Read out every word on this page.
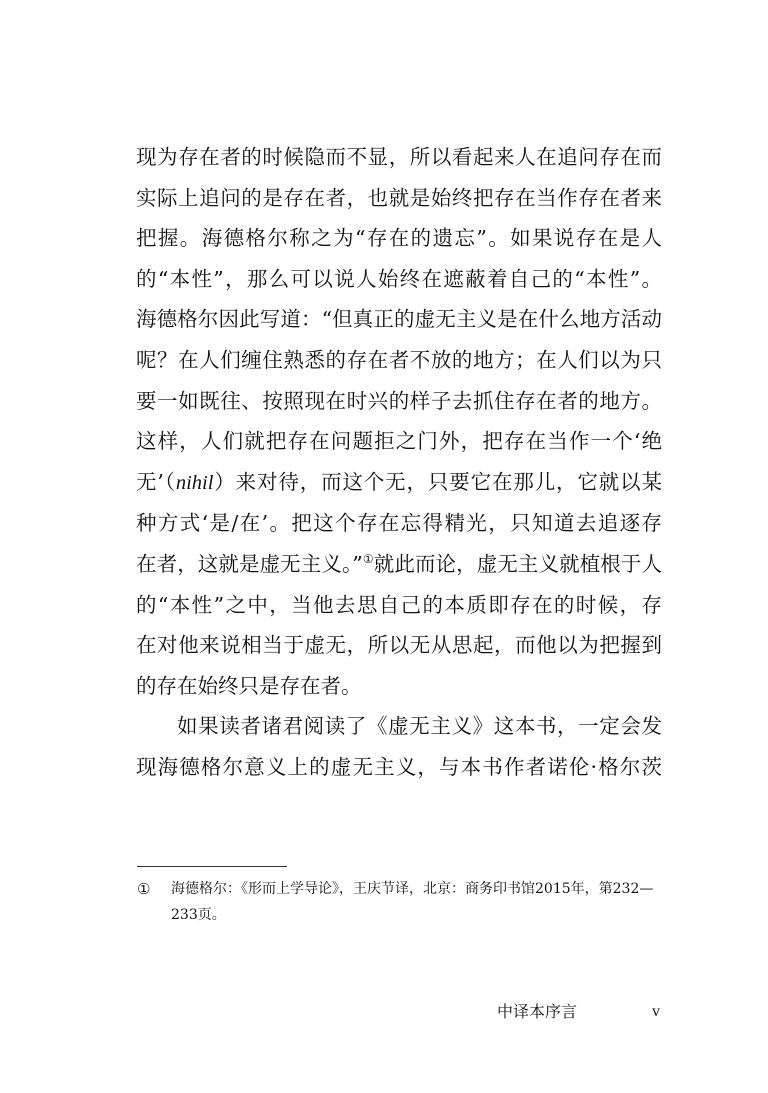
现为存在者的时候隐而不显，所以看起来人在追问存在而
实际上追问的是存在者，也就是始终把存在当作存在者来
把握。海德格尔称之为“存在的遗忘”。如果说存在是人
的“本性”，那么可以说人始终在遮蔽着自己的“本性”。
海德格尔因此写道：“但真正的虚无主义是在什么地方活动
呢？在人们缠住熟悉的存在者不放的地方；在人们以为只
要一如既往、按照现在时兴的样子去抓住存在者的地方。
这样，人们就把存在问题拒之门外，把存在当作一个‘绝
无’（nihil）来对待，而这个无，只要它在那儿，它就以某
种方式‘是/在’。把这个存在忘得精光，只知道去追逐存
在者，这就是虚无主义。”①就此而论，虚无主义就植根于人
的“本性”之中，当他去思自己的本质即存在的时候，存
在对他来说相当于虚无，所以无从思起，而他以为把握到
的存在始终只是存在者。

如果读者诸君阅读了《虚无主义》这本书，一定会发
现海德格尔意义上的虚无主义，与本书作者诺伦·格尔茨

① 海德格尔：《形而上学导论》，王庆节译，北京：商务印书馆2015年，第232—233页。
中译本序言	v
